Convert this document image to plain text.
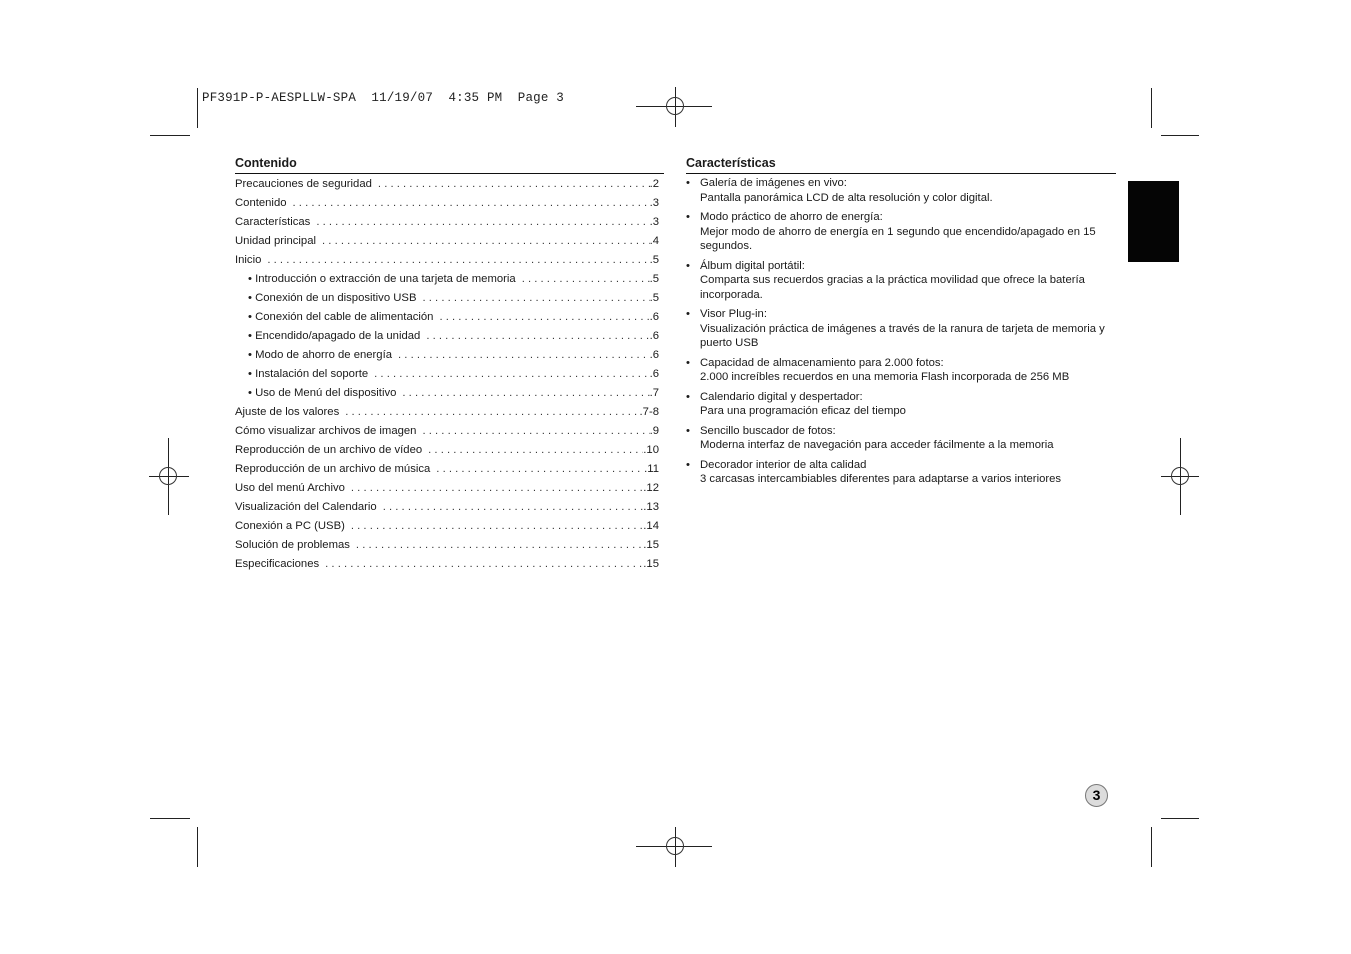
PF391P-P-AESPLLW-SPA  11/19/07  4:35 PM  Page 3
Contenido
Precauciones de seguridad . . .	.2
Contenido . . .	.3
Características . . .	.3
Unidad principal . . .	.4
Inicio . . .	.5
• Introducción o extracción de una tarjeta de memoria . . .	.5
• Conexión de un dispositivo USB . . .	.5
• Conexión del cable de alimentación . . .	.6
• Encendido/apagado de la unidad . . .	.6
• Modo de ahorro de energía . . .	.6
• Instalación del soporte . . .	.6
• Uso de Menú del dispositivo . . .	.7
Ajuste de los valores . . .	.7-8
Cómo visualizar archivos de imagen . . .	.9
Reproducción de un archivo de vídeo . . .	.10
Reproducción de un archivo de música . . .	.11
Uso del menú Archivo . . .	.12
Visualización del Calendario . . .	.13
Conexión a PC (USB) . . .	.14
Solución de problemas . . .	.15
Especificaciones . . .	.15
Características
• Galería de imágenes en vivo:
Pantalla panorámica LCD de alta resolución y color digital.
• Modo práctico de ahorro de energía:
Mejor modo de ahorro de energía en 1 segundo que encendido/apagado en 15 segundos.
• Álbum digital portátil:
Comparta sus recuerdos gracias a la práctica movilidad que ofrece la batería incorporada.
• Visor Plug-in:
Visualización práctica de imágenes a través de la ranura de tarjeta de memoria y puerto USB
• Capacidad de almacenamiento para 2.000 fotos:
2.000 increíbles recuerdos en una memoria Flash incorporada de 256 MB
• Calendario digital y despertador:
Para una programación eficaz del tiempo
• Sencillo buscador de fotos:
Moderna interfaz de navegación para acceder fácilmente a la memoria
• Decorador interior de alta calidad
3 carcasas intercambiables diferentes para adaptarse a varios interiores
3
